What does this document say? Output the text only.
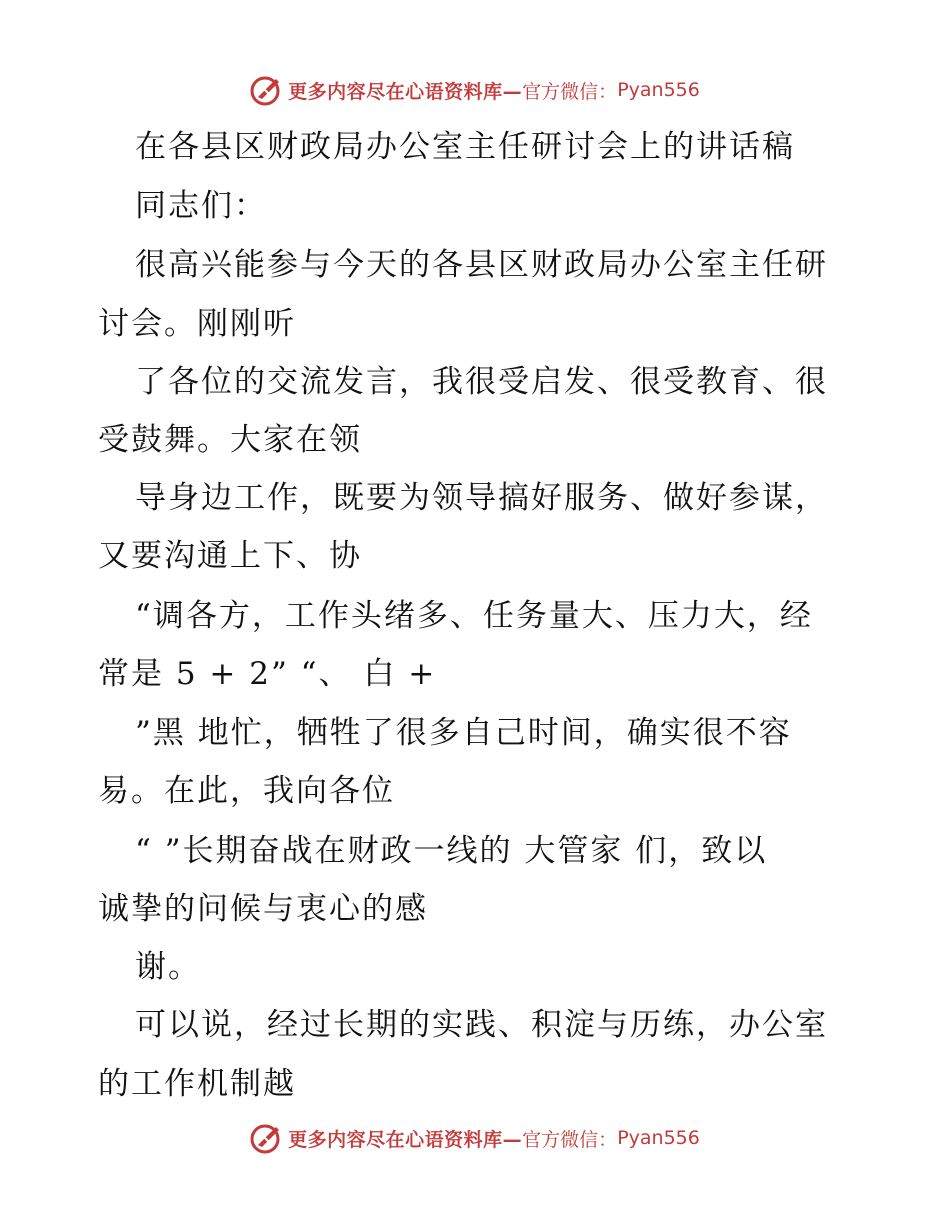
更多内容尽在心语资料库— 官方微信： Pyan556
在各县区财政局办公室主任研讨会上的讲话稿
同志们：
很高兴能参与今天的各县区财政局办公室主任研
讨会。刚刚听
了各位的交流发言，我很受启发、很受教育、很
受鼓舞。大家在领
导身边工作，既要为领导搞好服务、做好参谋，
又要沟通上下、协
“调各方，工作头绪多、任务量大、压力大，经
常是 5 + 2” “、 白 +
”黑 地忙，牺牲了很多自己时间，确实很不容
易。在此，我向各位
“ ”长期奋战在财政一线的 大管家 们，致以
诚挚的问候与衷心的感
谢。
可以说，经过长期的实践、积淀与历练，办公室
的工作机制越
更多内容尽在心语资料库— 官方微信： Pyan556
